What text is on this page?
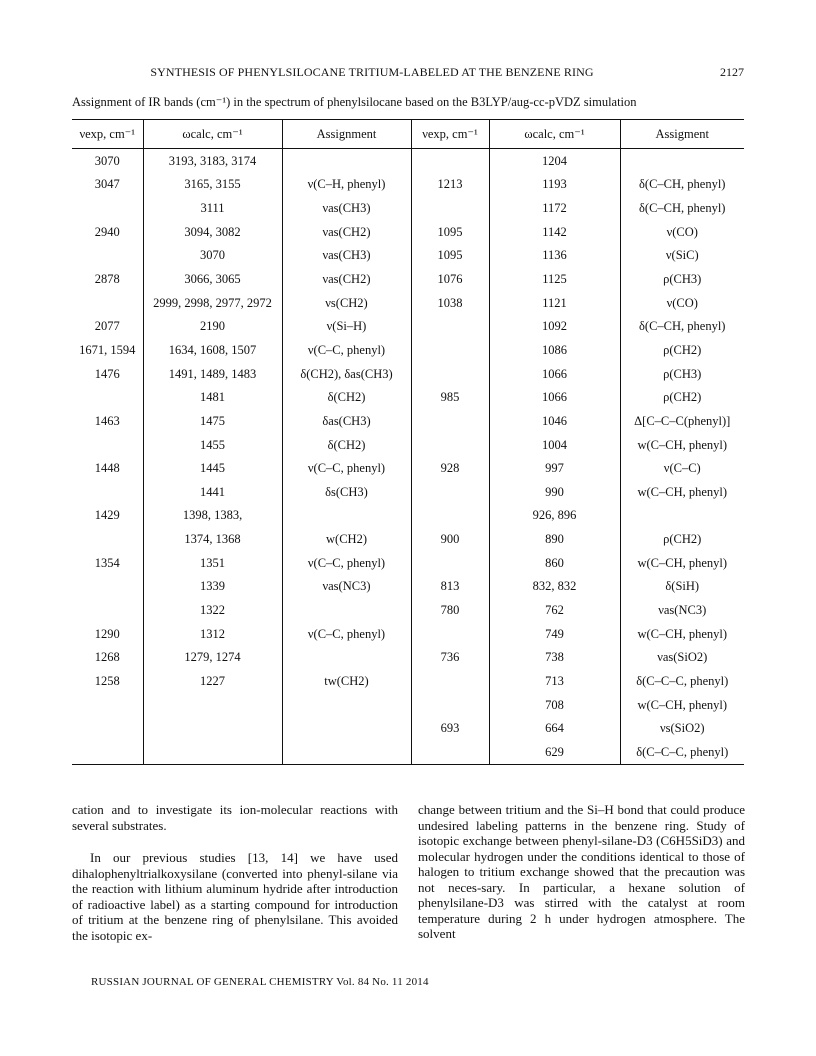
SYNTHESIS OF PHENYLSILOCANE TRITIUM-LABELED AT THE BENZENE RING	2127
Assignment of IR bands (cm⁻¹) in the spectrum of phenylsilocane based on the B3LYP/aug-cc-pVDZ simulation
νexp, cm⁻¹	ωcalc, cm⁻¹	Assignment	νexp, cm⁻¹	ωcalc, cm⁻¹	Assigment
3070	3193, 3183, 3174			1204	
3047	3165, 3155	ν(C–H, phenyl)	1213	1193	δ(C–CH, phenyl)
	3111	νas(CH3)		1172	δ(C–CH, phenyl)
2940	3094, 3082	νas(CH2)	1095	1142	ν(CO)
	3070	νas(CH3)	1095	1136	ν(SiC)
2878	3066, 3065	νas(CH2)	1076	1125	ρ(CH3)
	2999, 2998, 2977, 2972	νs(CH2)	1038	1121	ν(CO)
2077	2190	ν(Si–H)		1092	δ(C–CH, phenyl)
1671, 1594	1634, 1608, 1507	ν(C–C, phenyl)		1086	ρ(CH2)
1476	1491, 1489, 1483	δ(CH2), δas(CH3)		1066	ρ(CH3)
	1481	δ(CH2)	985	1066	ρ(CH2)
1463	1475	δas(CH3)		1046	Δ[C–C–C(phenyl)]
	1455	δ(CH2)		1004	w(C–CH, phenyl)
1448	1445	ν(C–C, phenyl)	928	997	ν(C–C)
	1441	δs(CH3)		990	w(C–CH, phenyl)
1429	1398, 1383,			926, 896	
	1374, 1368	w(CH2)	900	890	ρ(CH2)
1354	1351	ν(C–C, phenyl)		860	w(C–CH, phenyl)
	1339	νas(NC3)	813	832, 832	δ(SiH)
	1322		780	762	νas(NC3)
1290	1312	ν(C–C, phenyl)		749	w(C–CH, phenyl)
1268	1279, 1274		736	738	νas(SiO2)
1258	1227	tw(CH2)		713	δ(C–C–C, phenyl)
				708	w(C–CH, phenyl)
			693	664	νs(SiO2)
				629	δ(C–C–C, phenyl)

cation and to investigate its ion-molecular reactions with several substrates.

In our previous studies [13, 14] we have used dihalophenyltrialkoxysilane (converted into phenyl-silane via the reaction with lithium aluminum hydride after introduction of radioactive label) as a starting compound for introduction of tritium at the benzene ring of phenylsilane. This avoided the isotopic ex-

change between tritium and the Si–H bond that could produce undesired labeling patterns in the benzene ring. Study of isotopic exchange between phenyl-silane-D3 (C6H5SiD3) and molecular hydrogen under the conditions identical to those of halogen to tritium exchange showed that the precaution was not neces-sary. In particular, a hexane solution of phenylsilane-D3 was stirred with the catalyst at room temperature during 2 h under hydrogen atmosphere. The solvent

RUSSIAN JOURNAL OF GENERAL CHEMISTRY Vol. 84 No. 11 2014
